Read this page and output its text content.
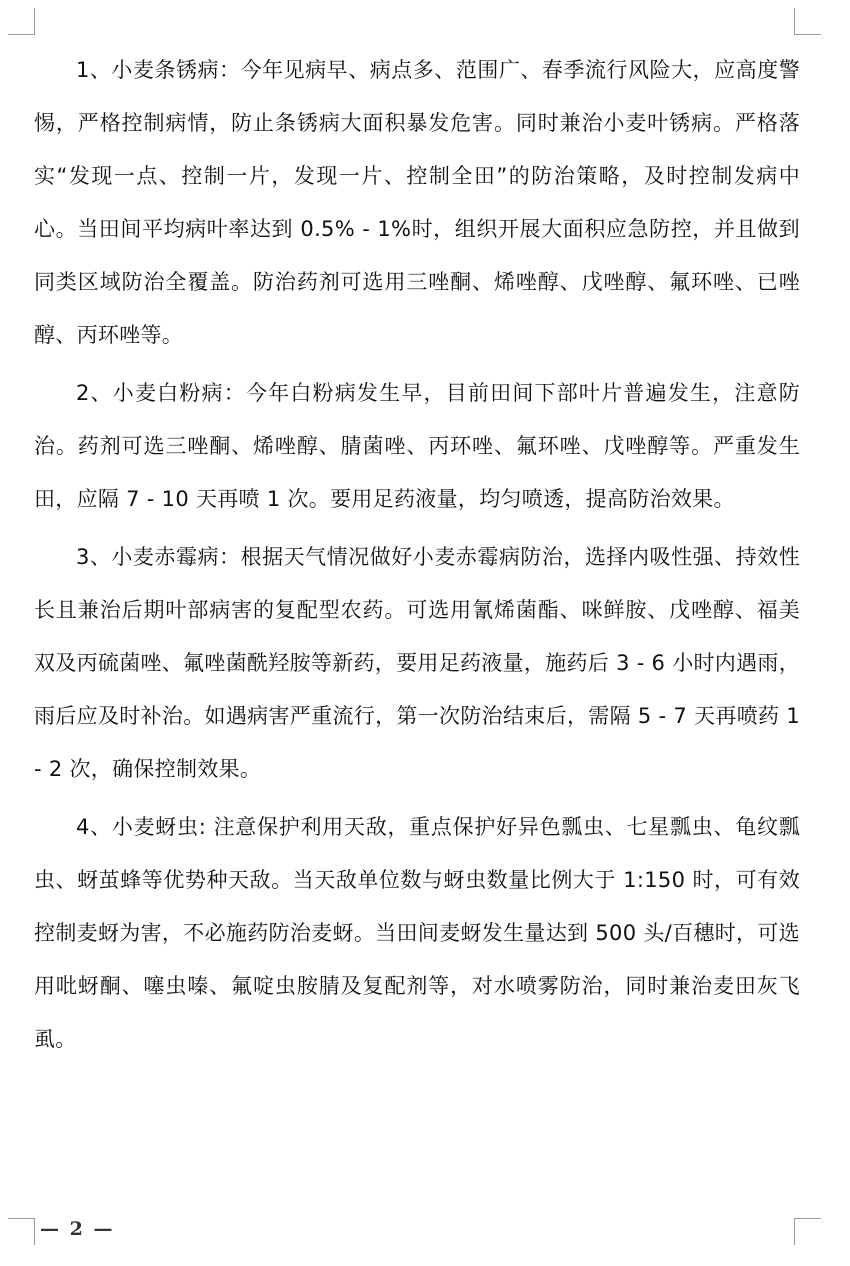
1、小麦条锈病：今年见病早、病点多、范围广、春季流行风险大，应高度警惕，严格控制病情，防止条锈病大面积暴发危害。同时兼治小麦叶锈病。严格落实“发现一点、控制一片，发现一片、控制全田”的防治策略，及时控制发病中心。当田间平均病叶率达到 0.5% - 1%时，组织开展大面积应急防控，并且做到同类区域防治全覆盖。防治药剂可选用三唑酮、烯唑醇、戊唑醇、氟环唑、已唑醇、丙环唑等。

2、小麦白粉病：今年白粉病发生早，目前田间下部叶片普遍发生，注意防治。药剂可选三唑酮、烯唑醇、腈菌唑、丙环唑、氟环唑、戊唑醇等。严重发生田，应隔 7 - 10 天再喷 1 次。要用足药液量，均匀喷透，提高防治效果。

3、小麦赤霉病：根据天气情况做好小麦赤霉病防治，选择内吸性强、持效性长且兼治后期叶部病害的复配型农药。可选用氰烯菌酯、咪鲜胺、戊唑醇、福美双及丙硫菌唑、氟唑菌酰羟胺等新药，要用足药液量，施药后 3 - 6 小时内遇雨，雨后应及时补治。如遇病害严重流行，第一次防治结束后，需隔 5 - 7 天再喷药 1 - 2 次，确保控制效果。

4、小麦蚜虫: 注意保护利用天敌，重点保护好异色瓢虫、七星瓢虫、龟纹瓢虫、蚜茧蜂等优势种天敌。当天敌单位数与蚜虫数量比例大于 1:150 时，可有效控制麦蚜为害，不必施药防治麦蚜。当田间麦蚜发生量达到 500 头/百穗时，可选用吡蚜酮、噻虫嗪、氟啶虫胺腈及复配剂等，对水喷雾防治，同时兼治麦田灰飞虱。

— 2 —
